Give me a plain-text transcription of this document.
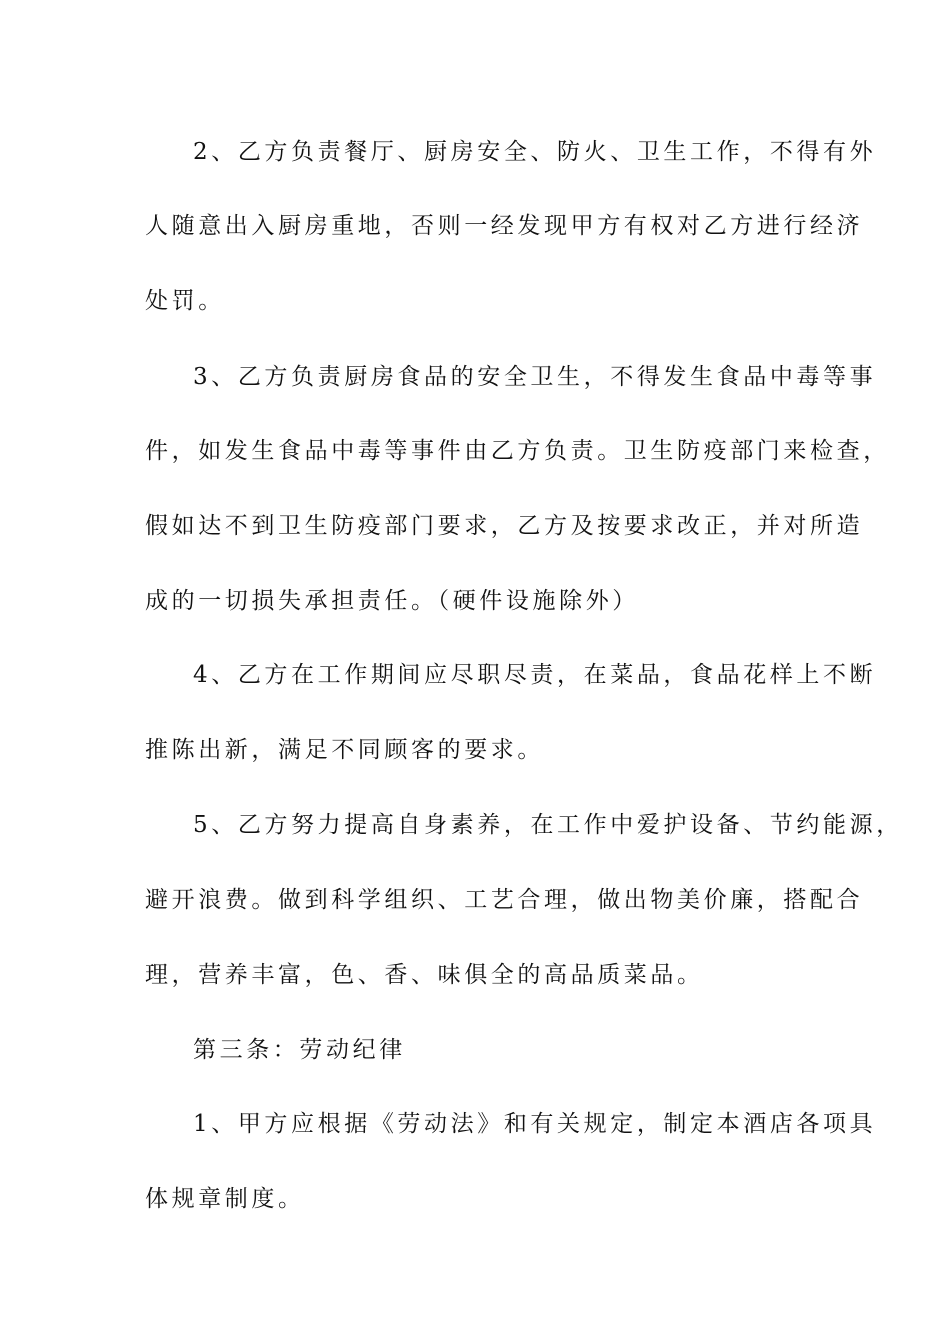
2、乙方负责餐厅、厨房安全、防火、卫生工作，不得有外

人随意出入厨房重地，否则一经发现甲方有权对乙方进行经济

处罚。

3、乙方负责厨房食品的安全卫生，不得发生食品中毒等事

件，如发生食品中毒等事件由乙方负责。卫生防疫部门来检查，

假如达不到卫生防疫部门要求，乙方及按要求改正，并对所造

成的一切损失承担责任。（硬件设施除外）

4、乙方在工作期间应尽职尽责，在菜品，食品花样上不断

推陈出新，满足不同顾客的要求。

5、乙方努力提高自身素养，在工作中爱护设备、节约能源，

避开浪费。做到科学组织、工艺合理，做出物美价廉，搭配合

理，营养丰富，色、香、味俱全的高品质菜品。

第三条：劳动纪律

1、甲方应根据《劳动法》和有关规定，制定本酒店各项具

体规章制度。
